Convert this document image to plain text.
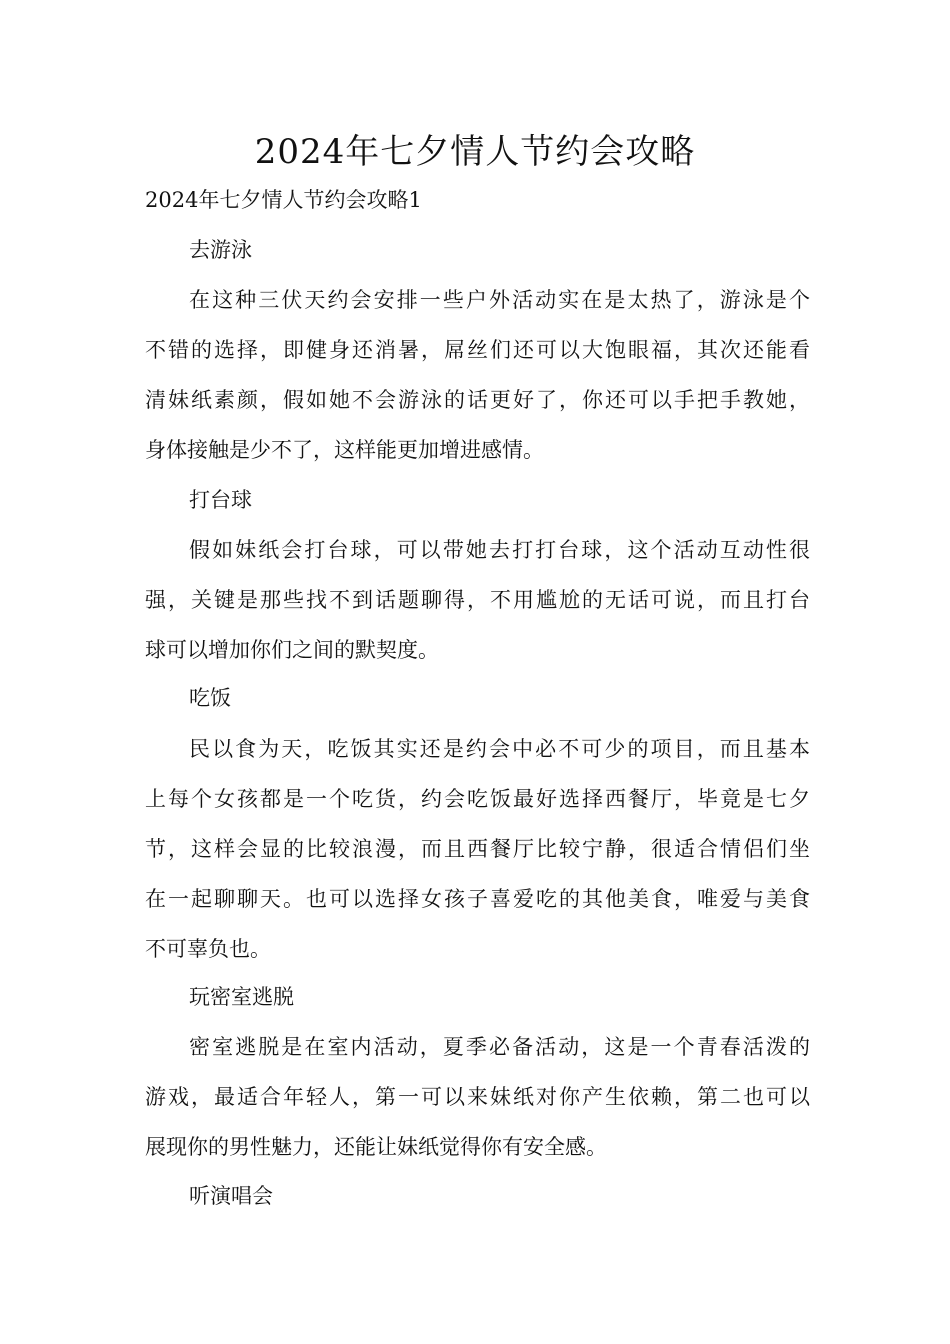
2024年七夕情人节约会攻略

2024年七夕情人节约会攻略1

去游泳

在这种三伏天约会安排一些户外活动实在是太热了，游泳是个
不错的选择，即健身还消暑，屌丝们还可以大饱眼福，其次还能看
清妹纸素颜，假如她不会游泳的话更好了，你还可以手把手教她，
身体接触是少不了，这样能更加增进感情。

打台球

假如妹纸会打台球，可以带她去打打台球，这个活动互动性很
强，关键是那些找不到话题聊得，不用尴尬的无话可说，而且打台
球可以增加你们之间的默契度。

吃饭

民以食为天，吃饭其实还是约会中必不可少的项目，而且基本
上每个女孩都是一个吃货，约会吃饭最好选择西餐厅，毕竟是七夕
节，这样会显的比较浪漫，而且西餐厅比较宁静，很适合情侣们坐
在一起聊聊天。也可以选择女孩子喜爱吃的其他美食，唯爱与美食
不可辜负也。

玩密室逃脱

密室逃脱是在室内活动，夏季必备活动，这是一个青春活泼的
游戏，最适合年轻人，第一可以来妹纸对你产生依赖，第二也可以
展现你的男性魅力，还能让妹纸觉得你有安全感。

听演唱会
